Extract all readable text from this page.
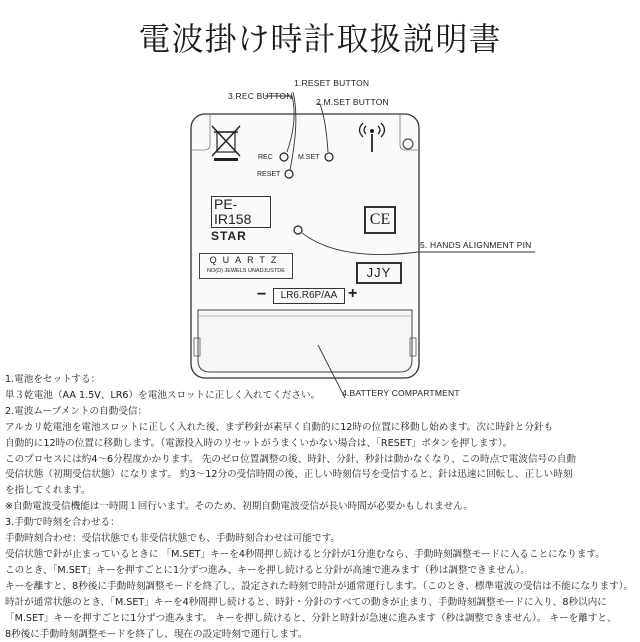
電波掛け時計取扱説明書
1.RESET BUTTON
3.REC BUTTON
2.M.SET BUTTON
5. HANDS ALIGNMENT PIN
4.BATTERY COMPARTMENT
REC	M.SET
RESET
PE-IR158
STAR
CE
QUARTZ
NO(D) JEWELS UNADJUSTDE	JJY
−	LR6.R6P/AA +
1.電池をセットする：
単３乾電池（AA 1.5V、LR6）を電池スロットに正しく入れてください。
2.電波ムーブメントの自動受信：
アルカリ乾電池を電池スロットに正しく入れた後、まず秒針が素早く自動的に12時の位置に移動し始めます。次に時針と分針も
自動的に12時の位置に移動します。（電源投入時のリセットがうまくいかない場合は、「RESET」ボタンを押します）。
このプロセスには約4〜6分程度かかります。 先のゼロ位置調整の後、時針、分針、秒針は動かなくなり、この時点で電波信号の自動
受信状態（初期受信状態）になります。 約3〜12分の受信時間の後、正しい時刻信号を受信すると、針は迅速に回転し、正しい時刻
を指してくれます。
※自動電波受信機能は一時間１回行います。そのため、初期自動電波受信が長い時間が必要かもしれません。
3.手動で時刻を合わせる：
手動時刻合わせ：受信状態でも非受信状態でも、手動時刻合わせは可能です。
受信状態で針が止まっているときに 「M.SET」キーを4秒間押し続けると分針が1分進むなら、手動時刻調整モードに入ることになります。
このとき、「M.SET」キーを押すごとに1分ずつ進み、キーを押し続けると分針が高速で進みます（秒は調整できません）。
キーを離すと、8秒後に手動時刻調整モードを終了し、設定された時刻で時計が通常運行します。（このとき、標準電波の受信は不能になります）。
時計が通常状態のとき、「M.SET」キーを4秒間押し続けると、時針・分針のすべての動きが止まり、手動時刻調整モードに入り、8秒以内に
「M.SET」キーを押すごとに1分ずつ進みます。 キーを押し続けると、分針と時針が急速に進みます（秒は調整できません）。 キーを離すと、
8秒後に手動時刻調整モードを終了し、現在の設定時刻で運行します。
